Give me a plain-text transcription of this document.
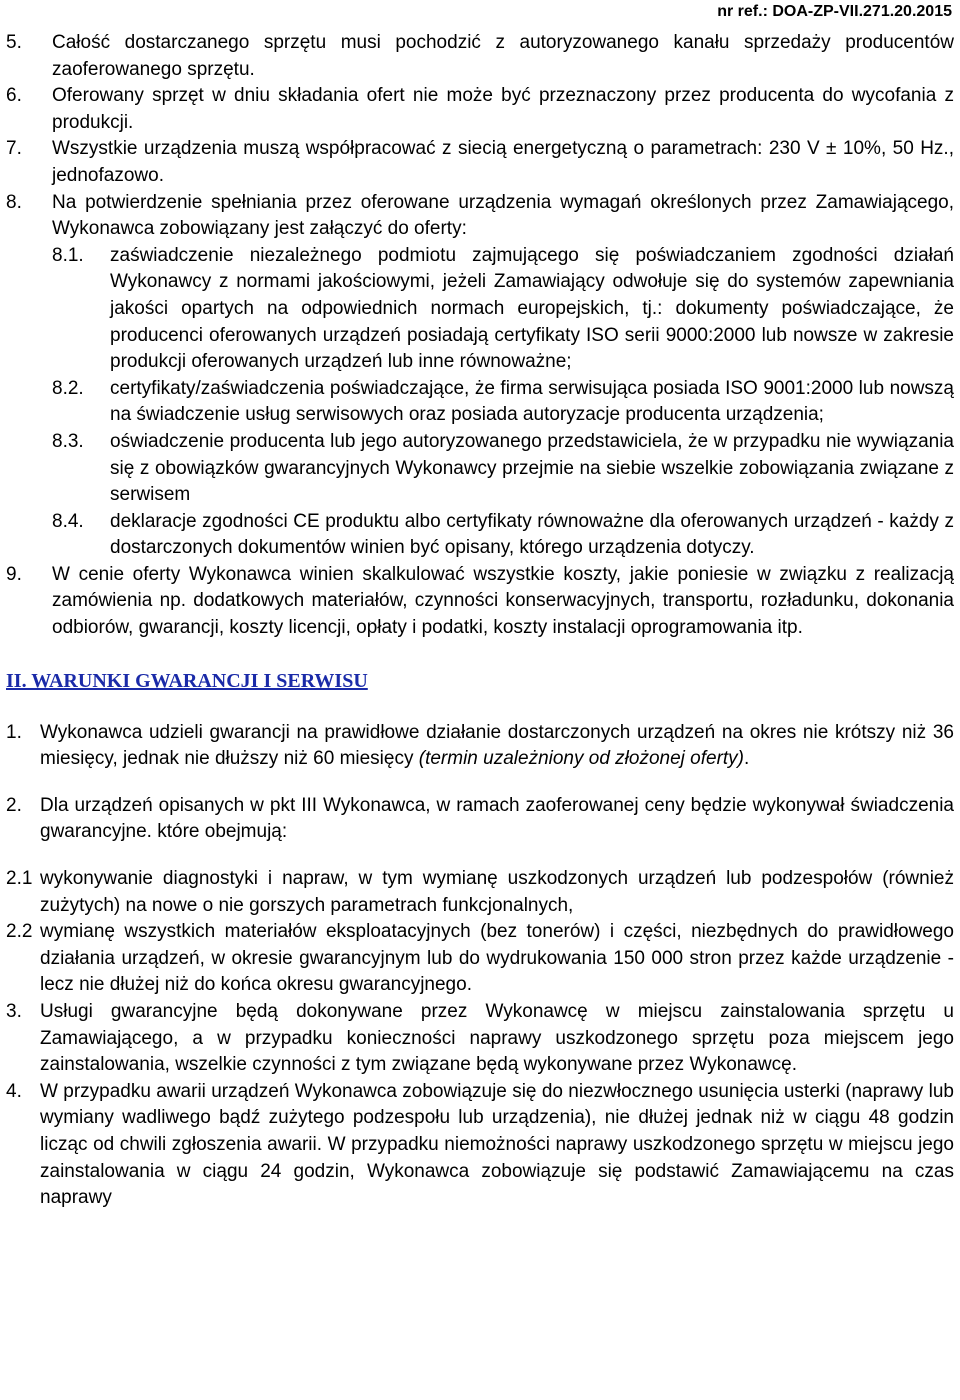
nr ref.: DOA-ZP-VII.271.20.2015

5. Całość dostarczanego sprzętu musi pochodzić z autoryzowanego kanału sprzedaży producentów zaoferowanego sprzętu.

6. Oferowany sprzęt w dniu składania ofert nie może być przeznaczony przez producenta do wycofania z produkcji.

7. Wszystkie urządzenia muszą współpracować z siecią energetyczną o parametrach: 230 V ± 10%, 50 Hz., jednofazowo.

8. Na potwierdzenie spełniania przez oferowane urządzenia wymagań określonych przez Zamawiającego, Wykonawca zobowiązany jest załączyć do oferty:

8.1. zaświadczenie niezależnego podmiotu zajmującego się poświadczaniem zgodności działań Wykonawcy z normami jakościowymi, jeżeli Zamawiający odwołuje się do systemów zapewniania jakości opartych na odpowiednich normach europejskich, tj.: dokumenty poświadczające, że producenci oferowanych urządzeń posiadają certyfikaty ISO serii 9000:2000 lub nowsze w zakresie produkcji oferowanych urządzeń lub inne równoważne;

8.2. certyfikaty/zaświadczenia poświadczające, że firma serwisująca posiada ISO 9001:2000 lub nowszą na świadczenie usług serwisowych oraz posiada autoryzacje producenta urządzenia;

8.3. oświadczenie producenta lub jego autoryzowanego przedstawiciela, że w przypadku nie wywiązania się z obowiązków gwarancyjnych Wykonawcy przejmie na siebie wszelkie zobowiązania związane z serwisem

8.4. deklaracje zgodności CE produktu albo certyfikaty równoważne dla oferowanych urządzeń - każdy z dostarczonych dokumentów winien być opisany, którego urządzenia dotyczy.

9. W cenie oferty Wykonawca winien skalkulować wszystkie koszty, jakie poniesie w związku z realizacją zamówienia np. dodatkowych materiałów, czynności konserwacyjnych, transportu, rozładunku, dokonania odbiorów, gwarancji, koszty licencji, opłaty i podatki, koszty instalacji oprogramowania itp.

II. WARUNKI GWARANCJI I SERWISU

1. Wykonawca udzieli gwarancji na prawidłowe działanie dostarczonych urządzeń na okres nie krótszy niż 36 miesięcy, jednak nie dłuższy niż 60 miesięcy (termin uzależniony od złożonej oferty).

2. Dla urządzeń opisanych w pkt III Wykonawca, w ramach zaoferowanej ceny będzie wykonywał świadczenia gwarancyjne. które obejmują:

2.1 wykonywanie diagnostyki i napraw, w tym wymianę uszkodzonych urządzeń lub podzespołów (również zużytych) na nowe o nie gorszych parametrach funkcjonalnych,

2.2 wymianę wszystkich materiałów eksploatacyjnych (bez tonerów) i części, niezbędnych do prawidłowego działania urządzeń, w okresie gwarancyjnym lub do wydrukowania 150 000 stron przez każde urządzenie - lecz nie dłużej niż do końca okresu gwarancyjnego.

3. Usługi gwarancyjne będą dokonywane przez Wykonawcę w miejscu zainstalowania sprzętu u Zamawiającego, a w przypadku konieczności naprawy uszkodzonego sprzętu poza miejscem jego zainstalowania, wszelkie czynności z tym związane będą wykonywane przez Wykonawcę.

4. W przypadku awarii urządzeń Wykonawca zobowiązuje się do niezwłocznego usunięcia usterki (naprawy lub wymiany wadliwego bądź zużytego podzespołu lub urządzenia), nie dłużej jednak niż w ciągu 48 godzin licząc od chwili zgłoszenia awarii. W przypadku niemożności naprawy uszkodzonego sprzętu w miejscu jego zainstalowania w ciągu 24 godzin, Wykonawca zobowiązuje się podstawić Zamawiającemu na czas naprawy
